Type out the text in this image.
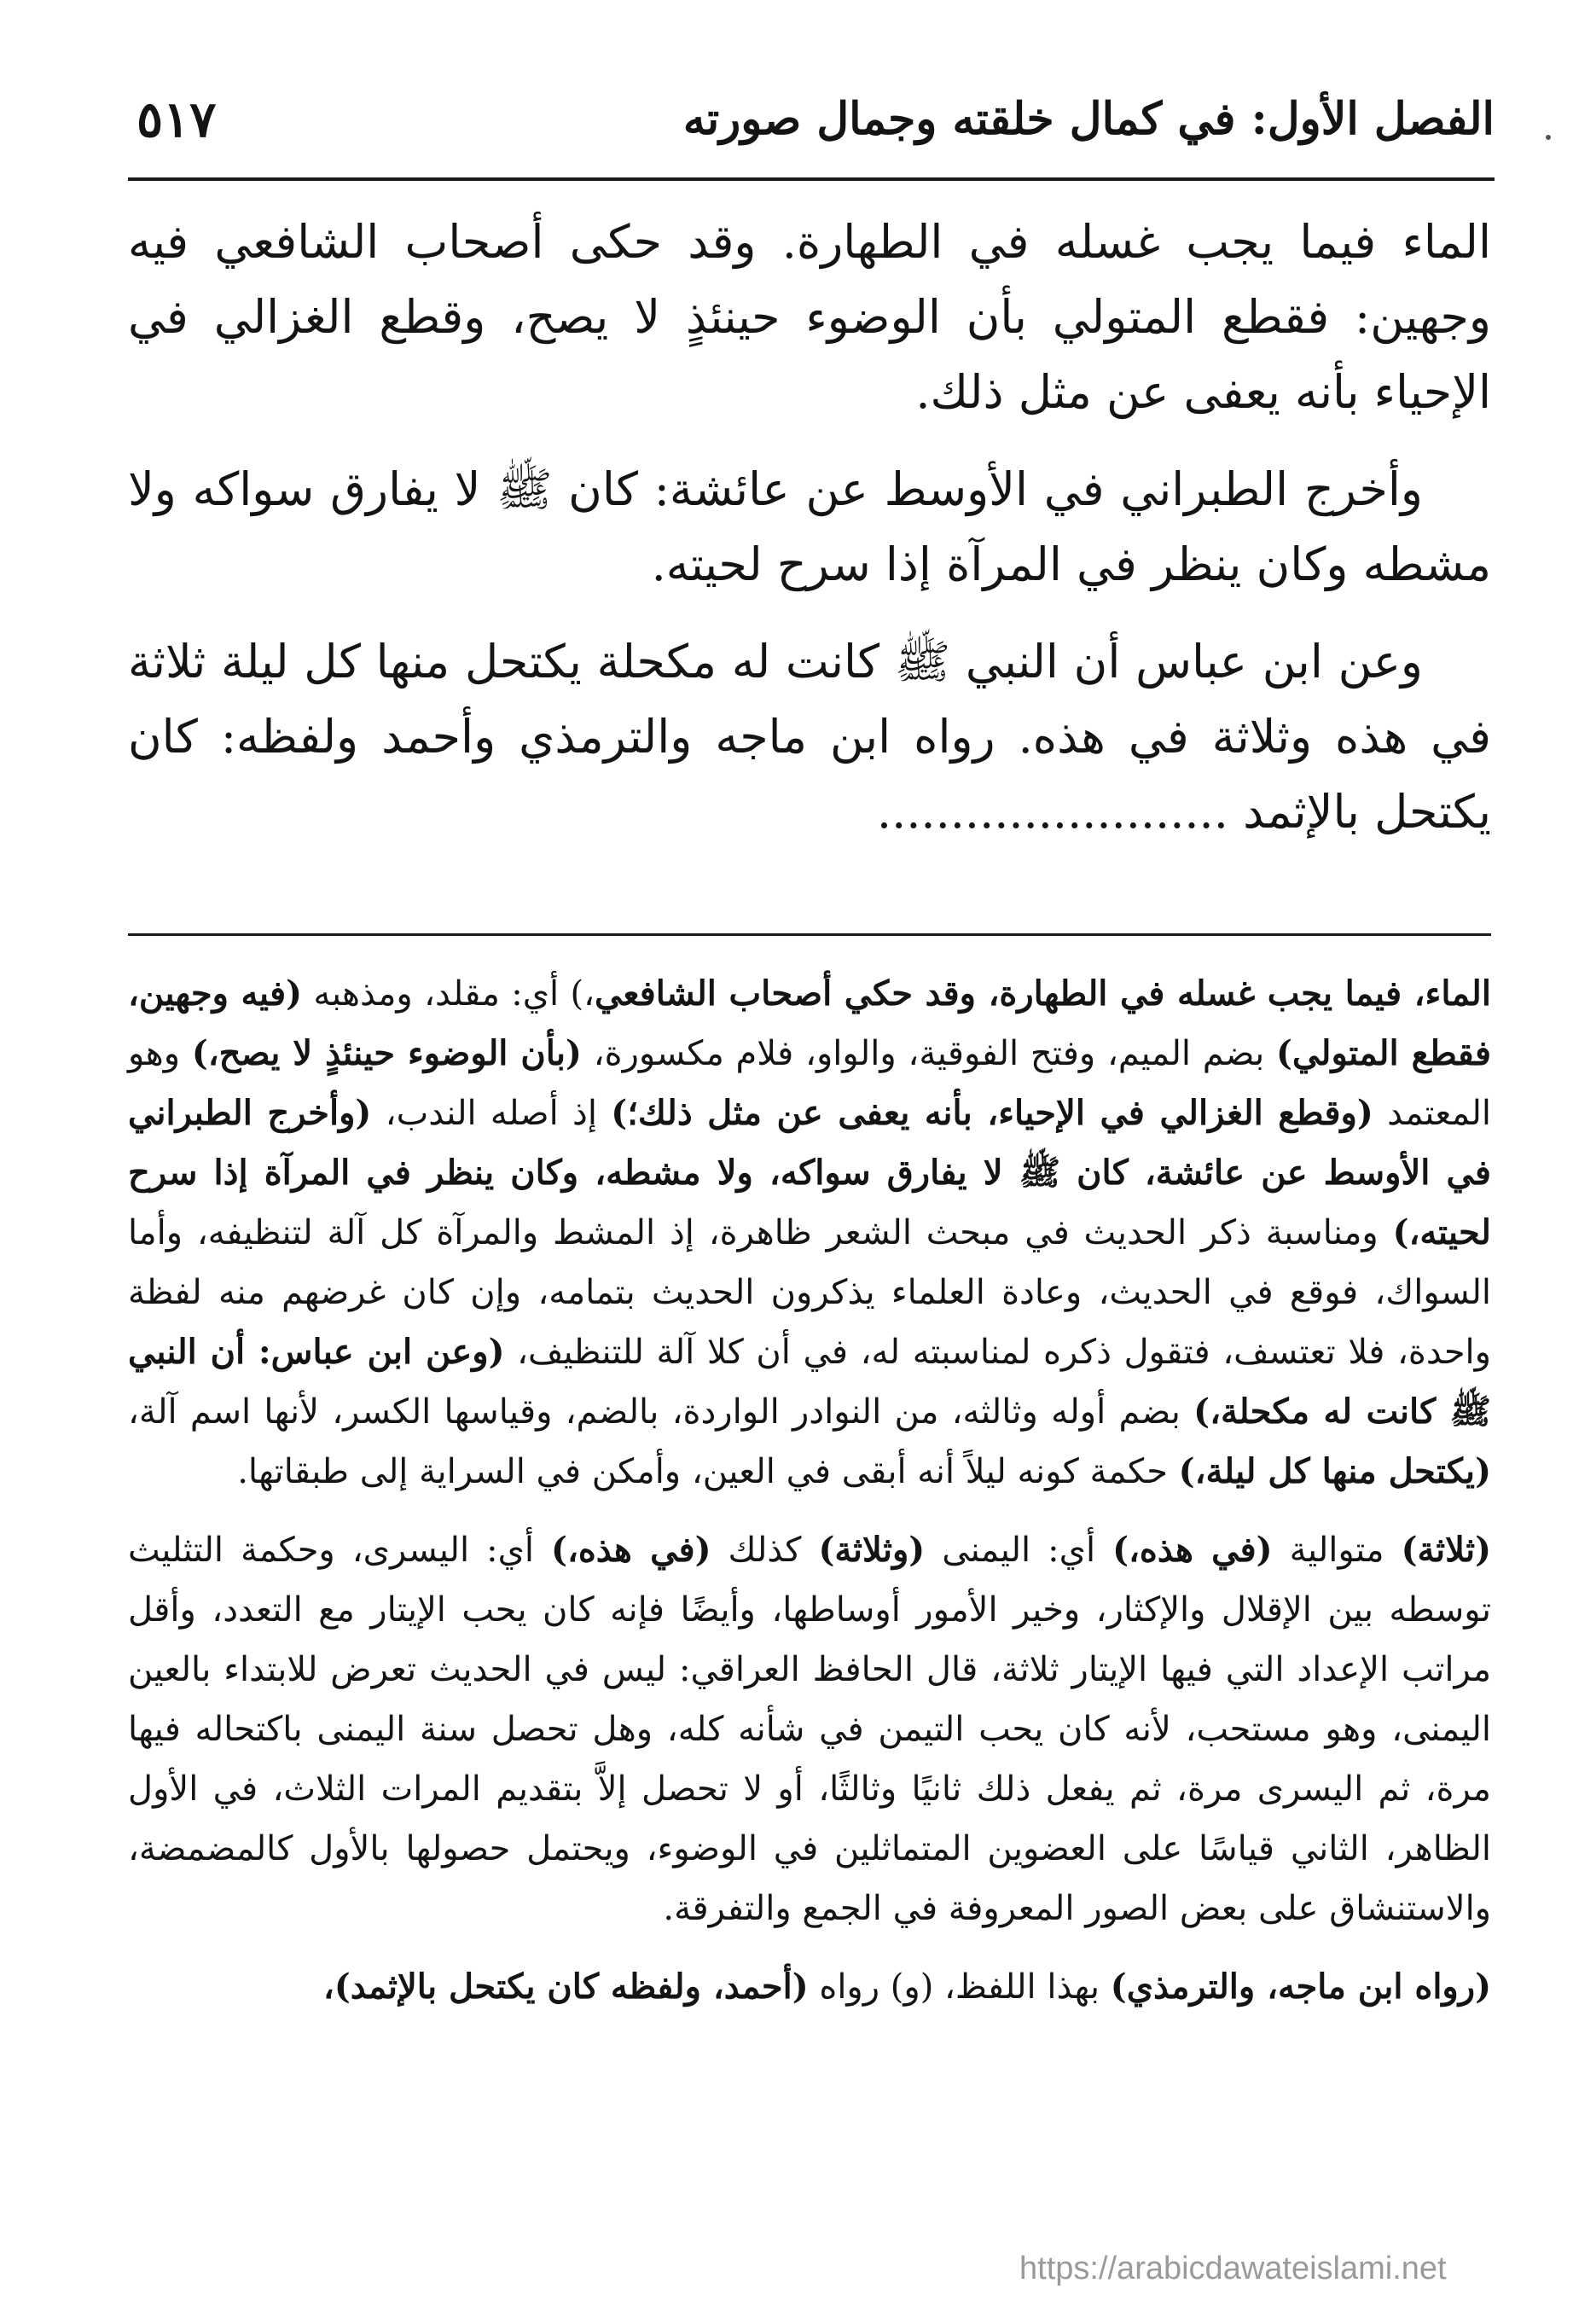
الفصل الأول: في كمال خلقته وجمال صورته
٥١٧

الماء فيما يجب غسله في الطهارة. وقد حكى أصحاب الشافعي فيه وجهين: فقطع المتولي بأن الوضوء حينئذٍ لا يصح، وقطع الغزالي في الإحياء بأنه يعفى عن مثل ذلك.

وأخرج الطبراني في الأوسط عن عائشة: كان ﷺ لا يفارق سواكه ولا مشطه وكان ينظر في المرآة إذا سرح لحيته.

وعن ابن عباس أن النبي ﷺ كانت له مكحلة يكتحل منها كل ليلة ثلاثة في هذه وثلاثة في هذه. رواه ابن ماجه والترمذي وأحمد ولفظه: كان يكتحل بالإثمد ........................

الماء، فيما يجب غسله في الطهارة، وقد حكي أصحاب الشافعي،) أي: مقلد، ومذهبه (فيه وجهين، فقطع المتولي) بضم الميم، وفتح الفوقية، والواو، فلام مكسورة، (بأن الوضوء حينئذٍ لا يصح،) وهو المعتمد (وقطع الغزالي في الإحياء، بأنه يعفى عن مثل ذلك؛) إذ أصله الندب، (وأخرج الطبراني في الأوسط عن عائشة، كان ﷺ لا يفارق سواكه، ولا مشطه، وكان ينظر في المرآة إذا سرح لحيته،) ومناسبة ذكر الحديث في مبحث الشعر ظاهرة، إذ المشط والمرآة كل آلة لتنظيفه، وأما السواك، فوقع في الحديث، وعادة العلماء يذكرون الحديث بتمامه، وإن كان غرضهم منه لفظة واحدة، فلا تعتسف، فتقول ذكره لمناسبته له، في أن كلا آلة للتنظيف، (وعن ابن عباس: أن النبي ﷺ كانت له مكحلة،) بضم أوله وثالثه، من النوادر الواردة، بالضم، وقياسها الكسر، لأنها اسم آلة، (يكتحل منها كل ليلة،) حكمة كونه ليلاً أنه أبقى في العين، وأمكن في السراية إلى طبقاتها.

(ثلاثة) متوالية (في هذه،) أي: اليمنى (وثلاثة) كذلك (في هذه،) أي: اليسرى، وحكمة التثليث توسطه بين الإقلال والإكثار، وخير الأمور أوساطها، وأيضًا فإنه كان يحب الإيتار مع التعدد، وأقل مراتب الإعداد التي فيها الإيتار ثلاثة، قال الحافظ العراقي: ليس في الحديث تعرض للابتداء بالعين اليمنى، وهو مستحب، لأنه كان يحب التيمن في شأنه كله، وهل تحصل سنة اليمنى باكتحاله فيها مرة، ثم اليسرى مرة، ثم يفعل ذلك ثانيًا وثالثًا، أو لا تحصل إلاَّ بتقديم المرات الثلاث، في الأول الظاهر، الثاني قياسًا على العضوين المتماثلين في الوضوء، ويحتمل حصولها بالأول كالمضمضة، والاستنشاق على بعض الصور المعروفة في الجمع والتفرقة.

(رواه ابن ماجه، والترمذي) بهذا اللفظ، (و) رواه (أحمد، ولفظه كان يكتحل بالإثمد)،

https://arabicdawateislami.net
